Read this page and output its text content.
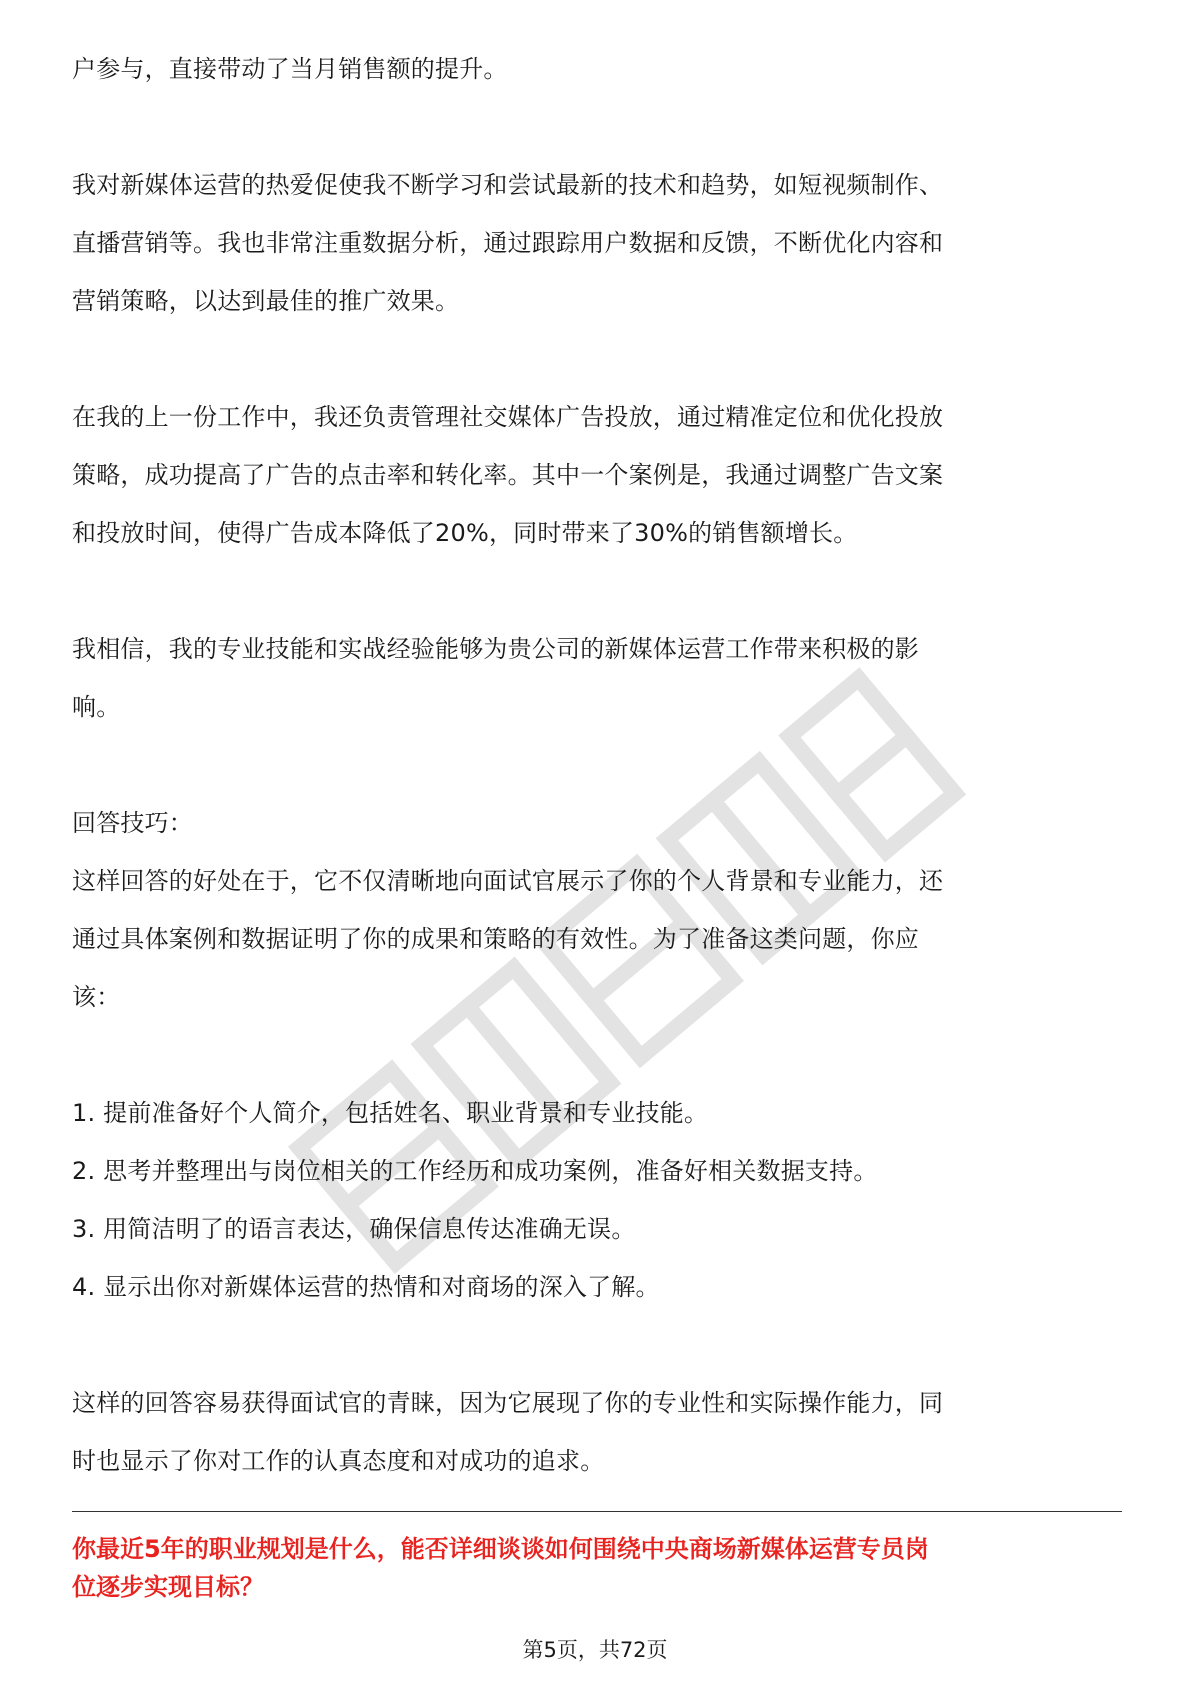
户参与，直接带动了当月销售额的提升。

我对新媒体运营的热爱促使我不断学习和尝试最新的技术和趋势，如短视频制作、

直播营销等。我也非常注重数据分析，通过跟踪用户数据和反馈，不断优化内容和

营销策略，以达到最佳的推广效果。

在我的上一份工作中，我还负责管理社交媒体广告投放，通过精准定位和优化投放

策略，成功提高了广告的点击率和转化率。其中一个案例是，我通过调整广告文案

和投放时间，使得广告成本降低了20%，同时带来了30%的销售额增长。

我相信，我的专业技能和实战经验能够为贵公司的新媒体运营工作带来积极的影

响。

回答技巧：

这样回答的好处在于，它不仅清晰地向面试官展示了你的个人背景和专业能力，还

通过具体案例和数据证明了你的成果和策略的有效性。为了准备这类问题，你应

该：

1. 提前准备好个人简介，包括姓名、职业背景和专业技能。

2. 思考并整理出与岗位相关的工作经历和成功案例，准备好相关数据支持。

3. 用简洁明了的语言表达，确保信息传达准确无误。

4. 显示出你对新媒体运营的热情和对商场的深入了解。

这样的回答容易获得面试官的青睐，因为它展现了你的专业性和实际操作能力，同

时也显示了你对工作的认真态度和对成功的追求。

你最近5年的职业规划是什么，能否详细谈谈如何围绕中央商场新媒体运营专员岗
位逐步实现目标？
第5页，共72页
